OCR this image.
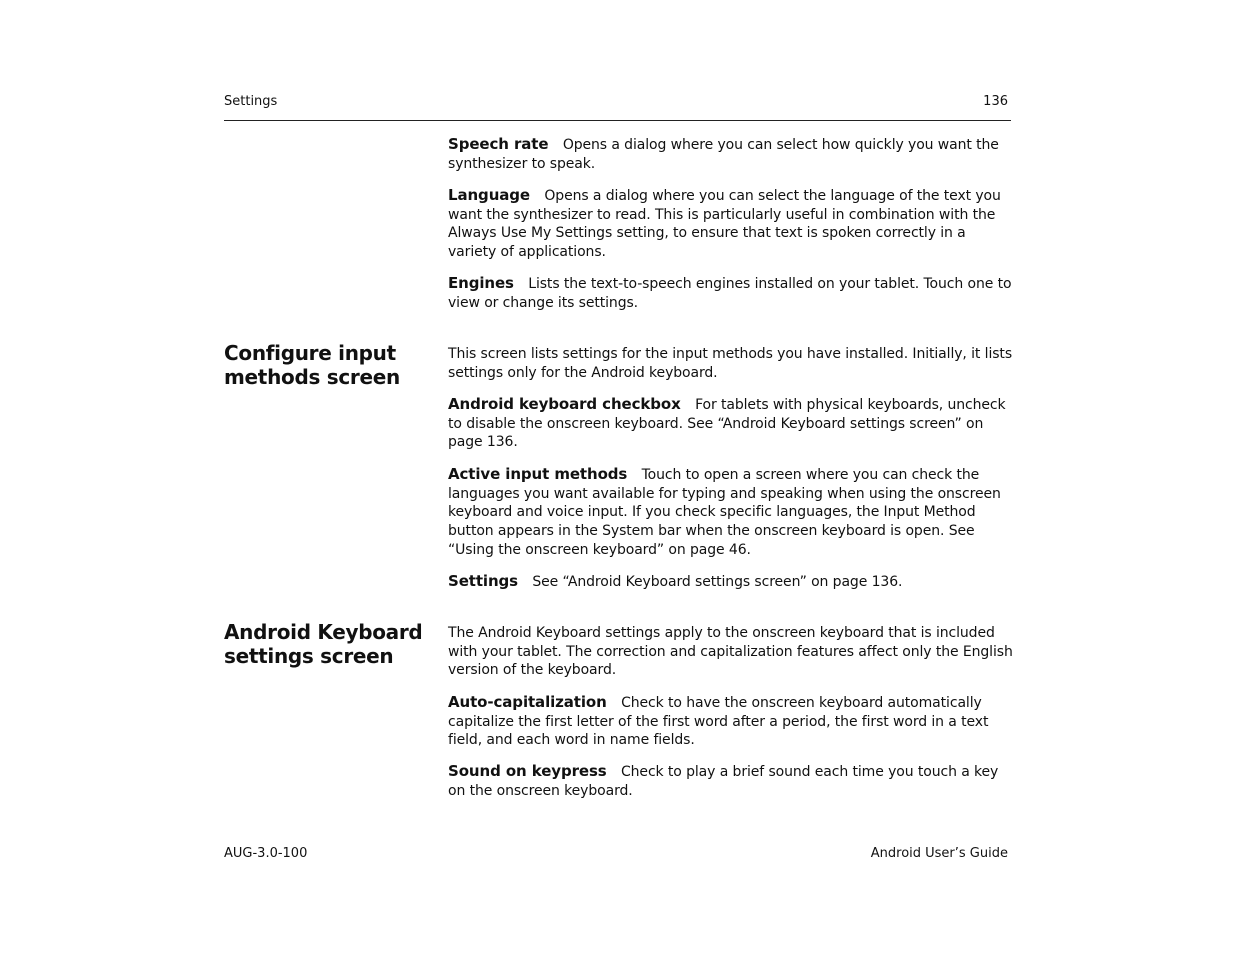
Settings	136
Speech rate Opens a dialog where you can select how quickly you want the synthesizer to speak.
Language Opens a dialog where you can select the language of the text you want the synthesizer to read. This is particularly useful in combination with the Always Use My Settings setting, to ensure that text is spoken correctly in a variety of applications.
Engines Lists the text-to-speech engines installed on your tablet. Touch one to view or change its settings.
Configure input
methods screen
This screen lists settings for the input methods you have installed. Initially, it lists settings only for the Android keyboard.
Android keyboard checkbox For tablets with physical keyboards, uncheck to disable the onscreen keyboard. See “Android Keyboard settings screen” on page 136.
Active input methods Touch to open a screen where you can check the languages you want available for typing and speaking when using the onscreen keyboard and voice input. If you check specific languages, the Input Method button appears in the System bar when the onscreen keyboard is open. See “Using the onscreen keyboard” on page 46.
Settings See “Android Keyboard settings screen” on page 136.
Android Keyboard
settings screen
The Android Keyboard settings apply to the onscreen keyboard that is included with your tablet. The correction and capitalization features affect only the English version of the keyboard.
Auto-capitalization Check to have the onscreen keyboard automatically capitalize the first letter of the first word after a period, the first word in a text field, and each word in name fields.
Sound on keypress Check to play a brief sound each time you touch a key on the onscreen keyboard.
AUG-3.0-100	Android User’s Guide
